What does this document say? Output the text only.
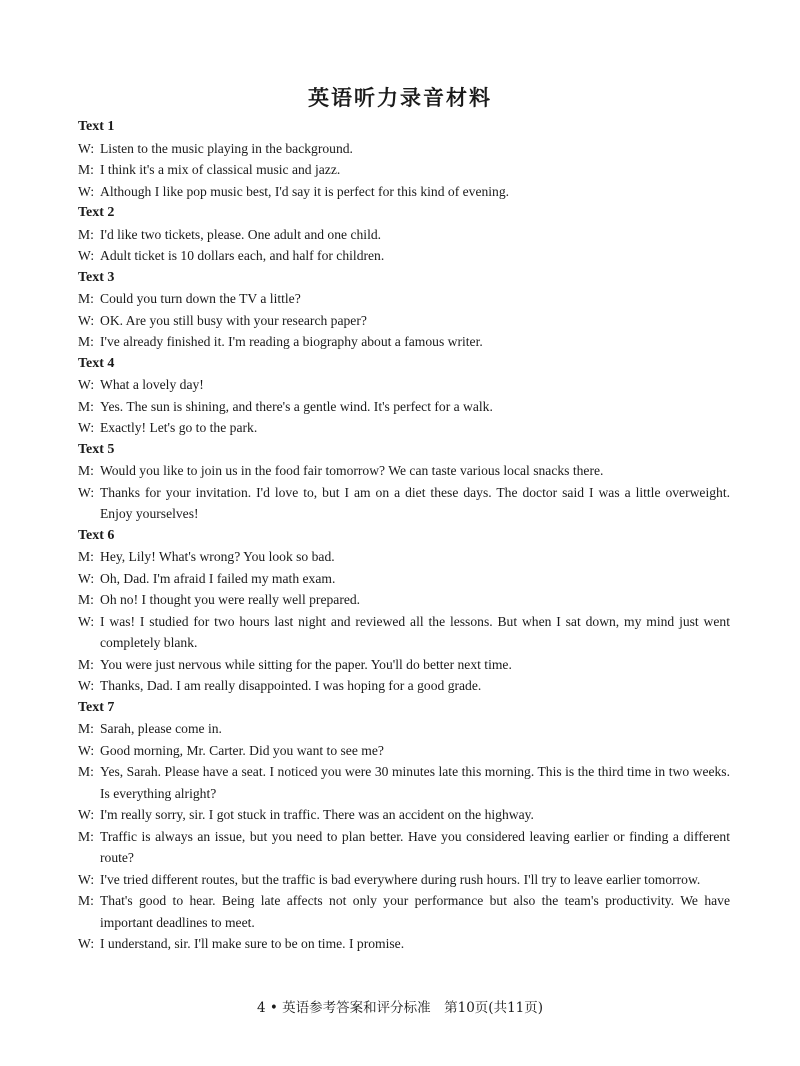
英语听力录音材料
Text 1
W: Listen to the music playing in the background.
M: I think it's a mix of classical music and jazz.
W: Although I like pop music best, I'd say it is perfect for this kind of evening.
Text 2
M: I'd like two tickets, please. One adult and one child.
W: Adult ticket is 10 dollars each, and half for children.
Text 3
M: Could you turn down the TV a little?
W: OK. Are you still busy with your research paper?
M: I've already finished it. I'm reading a biography about a famous writer.
Text 4
W: What a lovely day!
M: Yes. The sun is shining, and there's a gentle wind. It's perfect for a walk.
W: Exactly! Let's go to the park.
Text 5
M: Would you like to join us in the food fair tomorrow? We can taste various local snacks there.
W: Thanks for your invitation. I'd love to, but I am on a diet these days. The doctor said I was a little overweight. Enjoy yourselves!
Text 6
M: Hey, Lily! What's wrong? You look so bad.
W: Oh, Dad. I'm afraid I failed my math exam.
M: Oh no! I thought you were really well prepared.
W: I was! I studied for two hours last night and reviewed all the lessons. But when I sat down, my mind just went completely blank.
M: You were just nervous while sitting for the paper. You'll do better next time.
W: Thanks, Dad. I am really disappointed. I was hoping for a good grade.
Text 7
M: Sarah, please come in.
W: Good morning, Mr. Carter. Did you want to see me?
M: Yes, Sarah. Please have a seat. I noticed you were 30 minutes late this morning. This is the third time in two weeks. Is everything alright?
W: I'm really sorry, sir. I got stuck in traffic. There was an accident on the highway.
M: Traffic is always an issue, but you need to plan better. Have you considered leaving earlier or finding a different route?
W: I've tried different routes, but the traffic is bad everywhere during rush hours. I'll try to leave earlier tomorrow.
M: That's good to hear. Being late affects not only your performance but also the team's productivity. We have important deadlines to meet.
W: I understand, sir. I'll make sure to be on time. I promise.
4 • 英语参考答案和评分标准　第10页(共11页)
